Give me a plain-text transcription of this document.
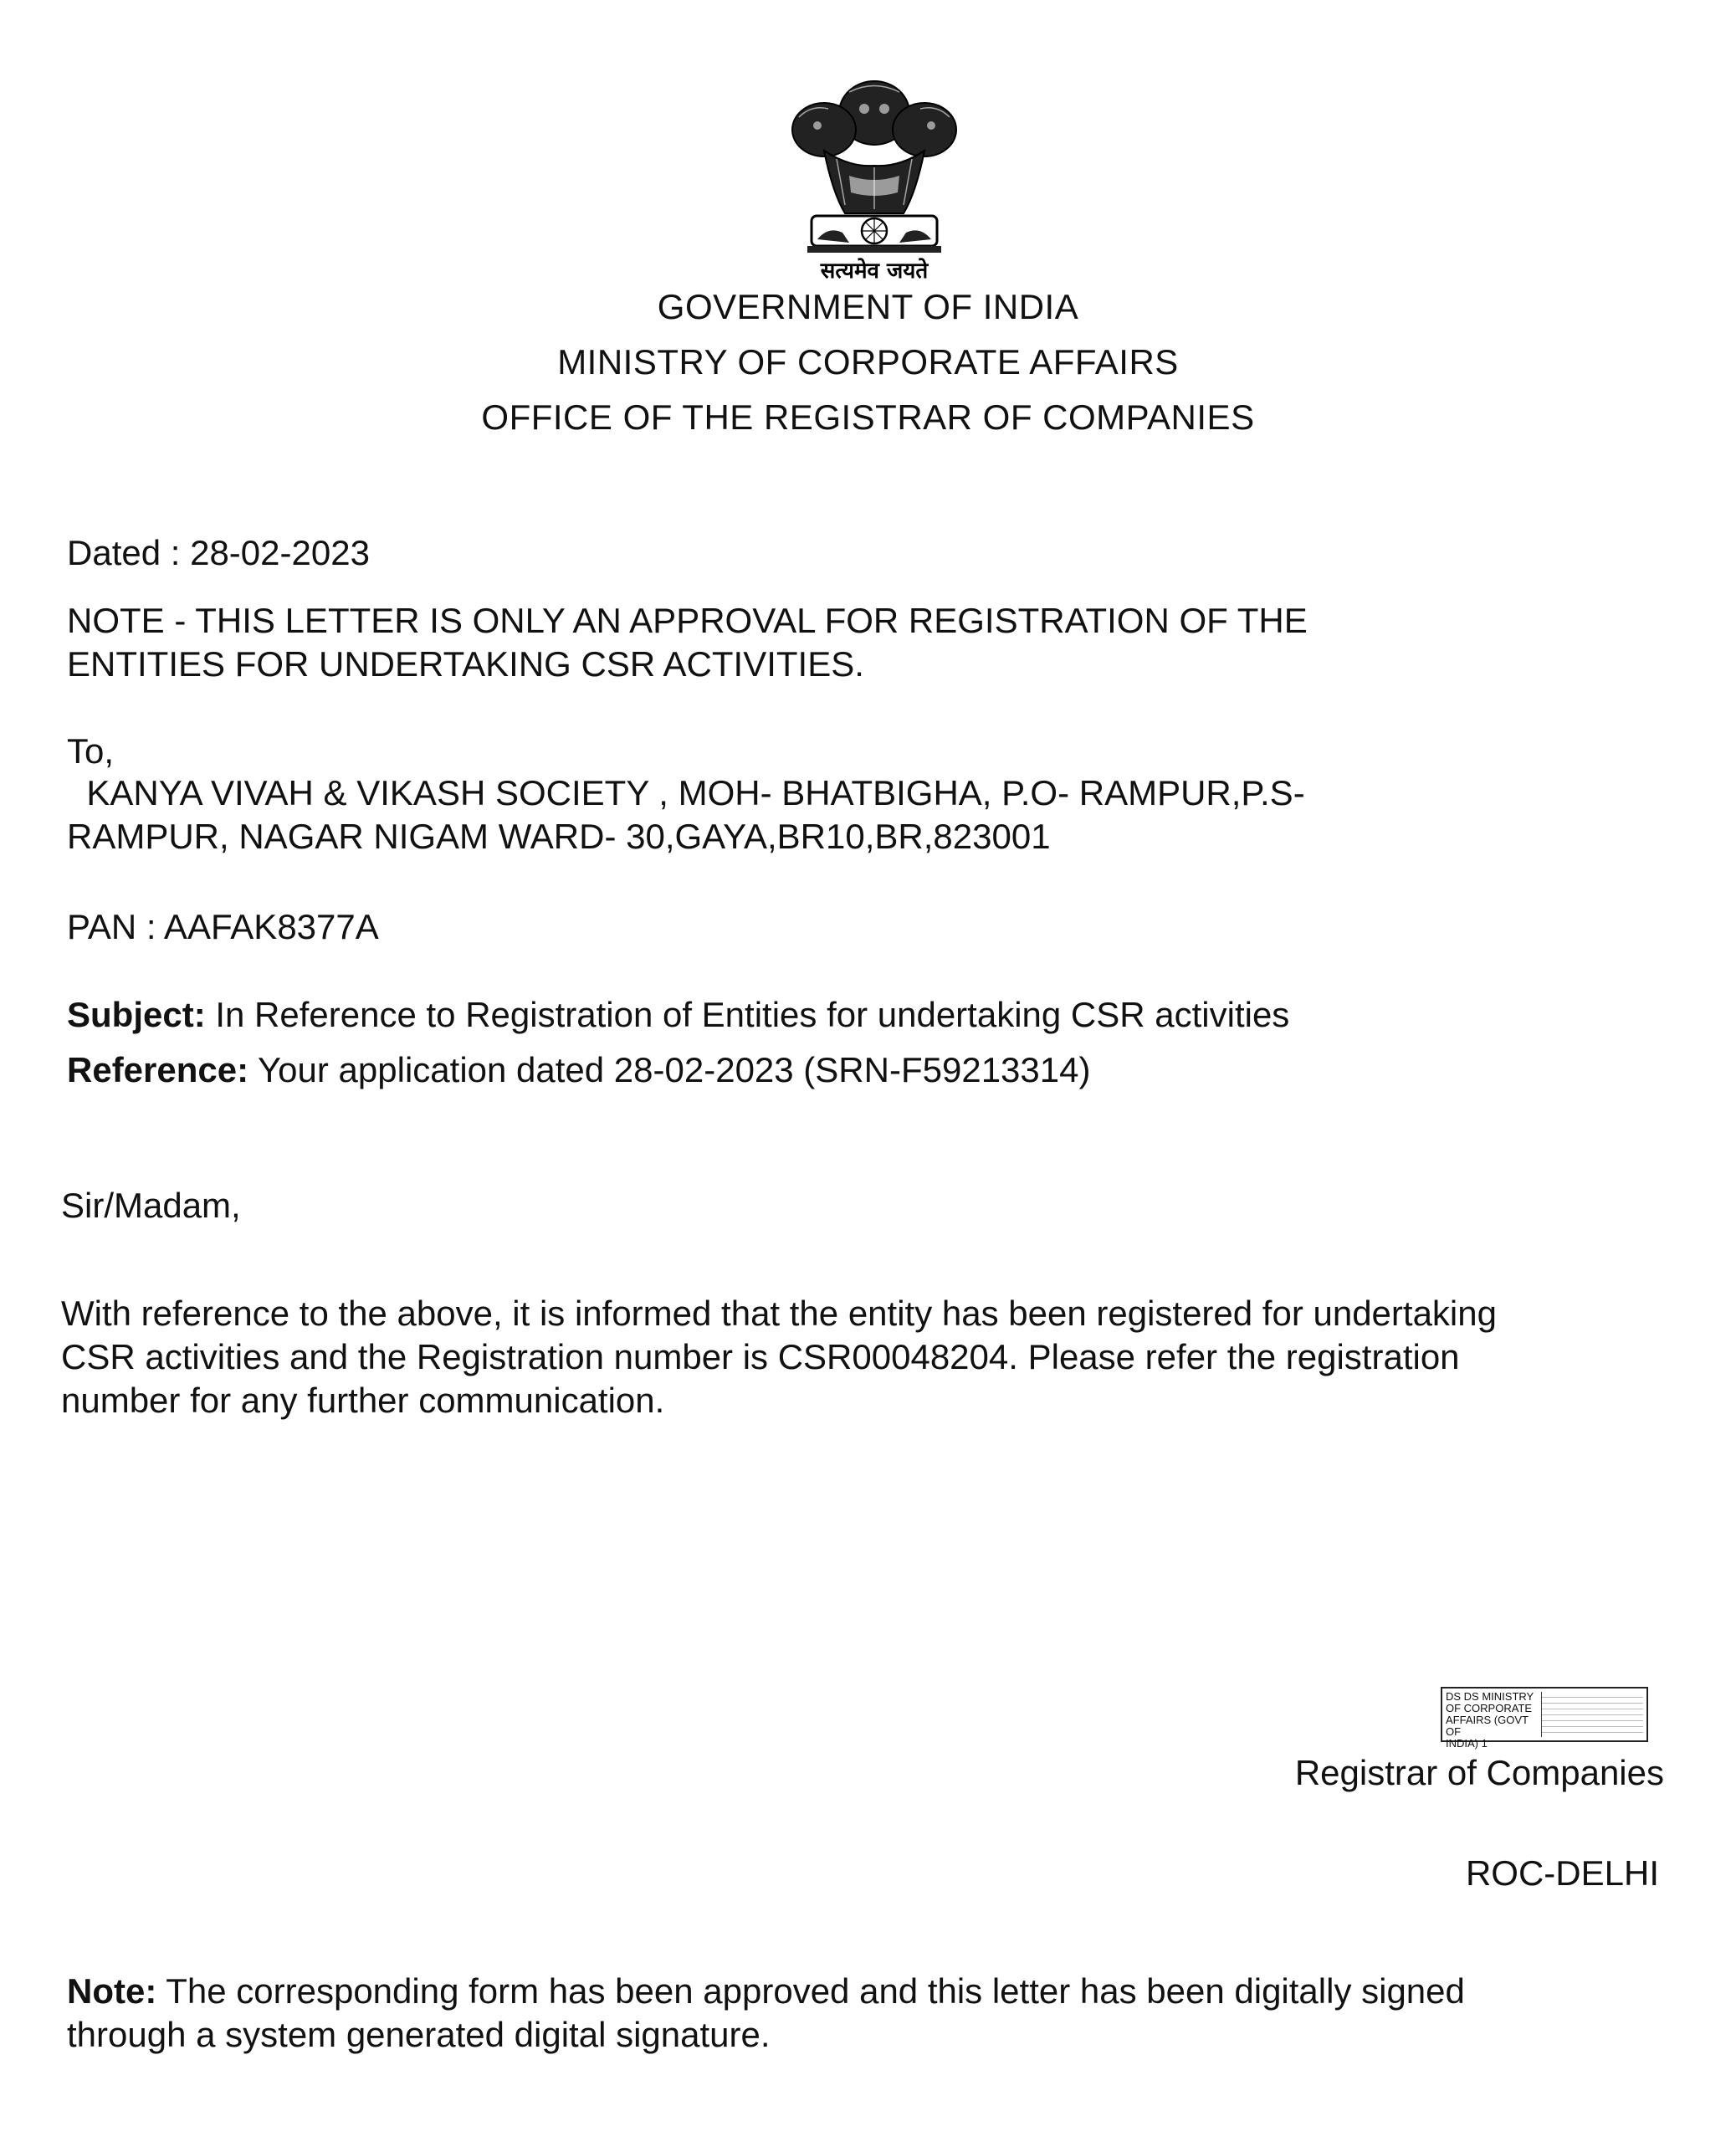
सत्यमेव जयते
GOVERNMENT OF INDIA
MINISTRY OF CORPORATE AFFAIRS
OFFICE OF THE REGISTRAR OF COMPANIES
Dated : 28-02-2023
NOTE - THIS LETTER IS ONLY AN APPROVAL FOR REGISTRATION OF THE
ENTITIES FOR UNDERTAKING CSR ACTIVITIES.
To,
KANYA VIVAH & VIKASH SOCIETY , MOH- BHATBIGHA, P.O- RAMPUR,P.S-
RAMPUR, NAGAR NIGAM WARD- 30,GAYA,BR10,BR,823001
PAN : AAFAK8377A
Subject: In Reference to Registration of Entities for undertaking CSR activities
Reference: Your application dated 28-02-2023 (SRN-F59213314)
Sir/Madam,
With reference to the above, it is informed that the entity has been registered for undertaking
CSR activities and the Registration number is CSR00048204. Please refer the registration
number for any further communication.
DS DS MINISTRY
OF CORPORATE
AFFAIRS (GOVT OF
INDIA) 1
Registrar of Companies
ROC-DELHI
Note: The corresponding form has been approved and this letter has been digitally signed
through a system generated digital signature.
